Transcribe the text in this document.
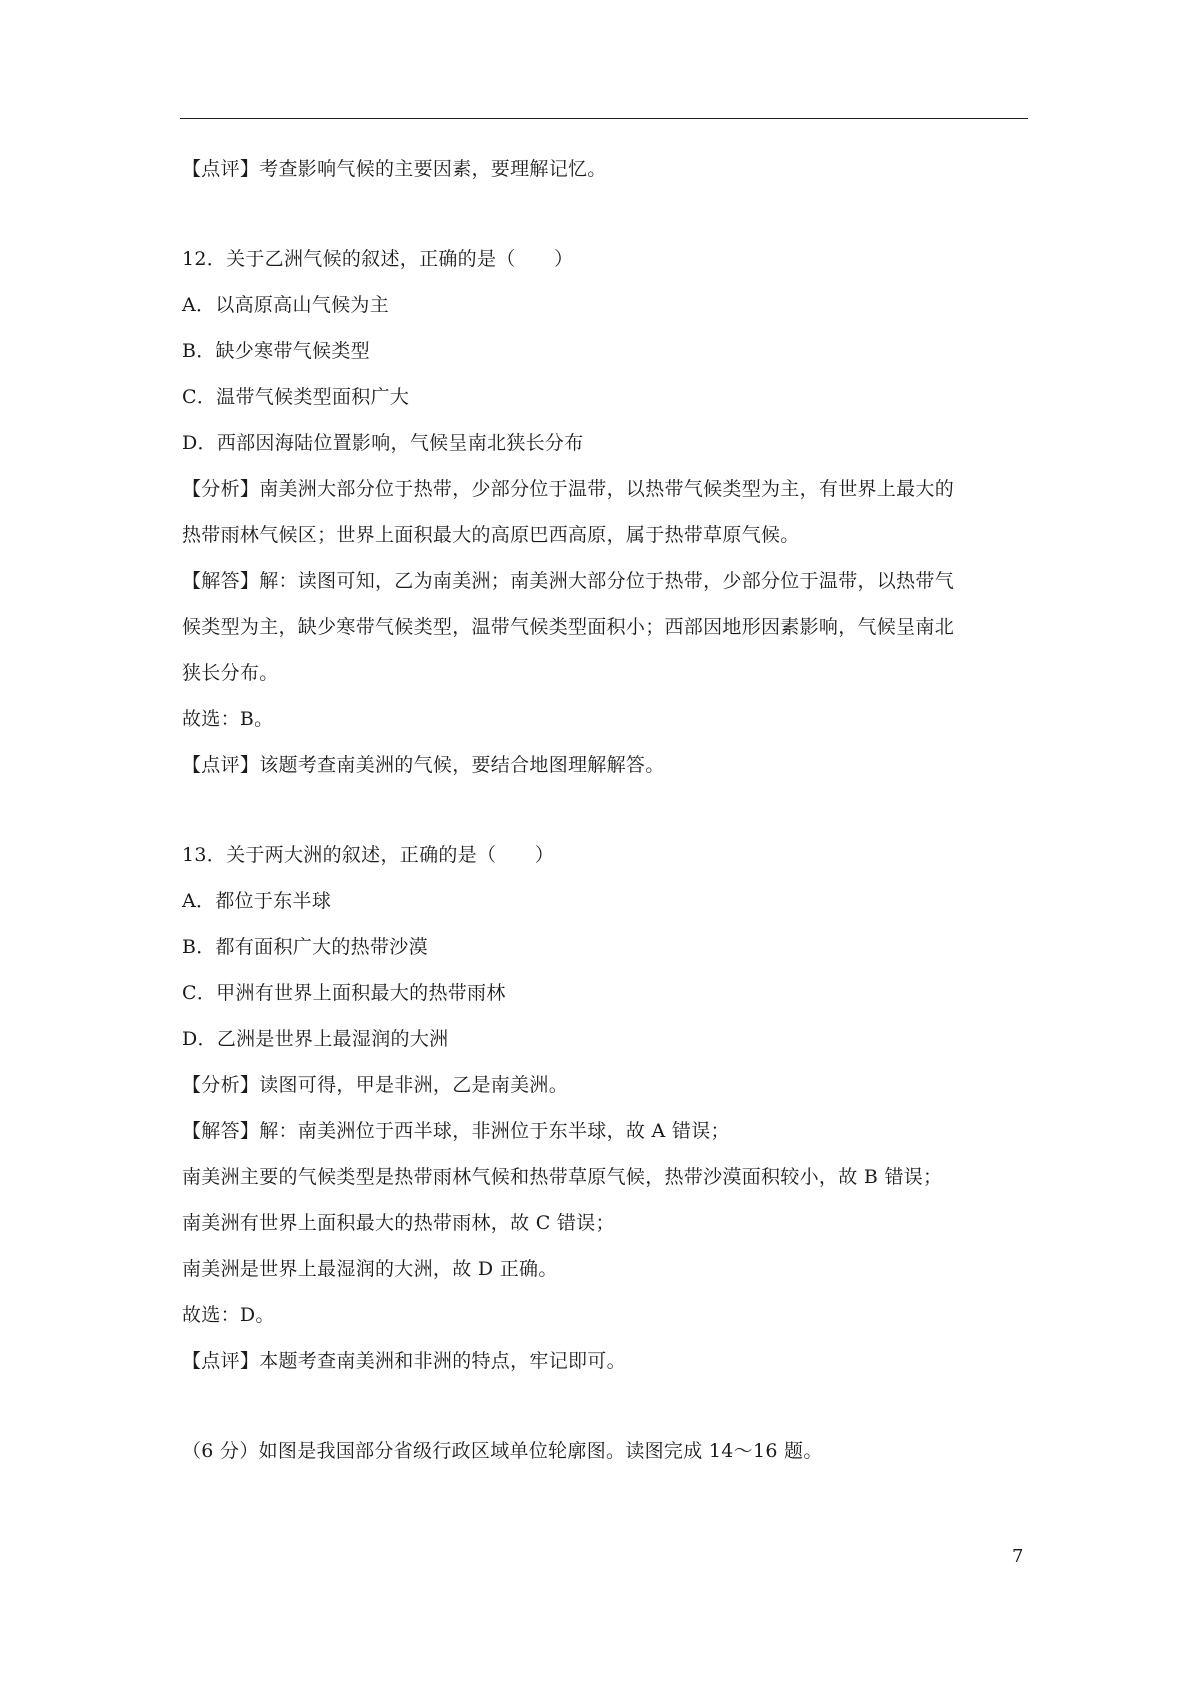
【点评】考查影响气候的主要因素，要理解记忆。
12．关于乙洲气候的叙述，正确的是（　　）
A．以高原高山气候为主
B．缺少寒带气候类型
C．温带气候类型面积广大
D．西部因海陆位置影响，气候呈南北狭长分布
【分析】南美洲大部分位于热带，少部分位于温带，以热带气候类型为主，有世界上最大的
热带雨林气候区；世界上面积最大的高原巴西高原，属于热带草原气候。
【解答】解：读图可知，乙为南美洲；南美洲大部分位于热带，少部分位于温带，以热带气
候类型为主，缺少寒带气候类型，温带气候类型面积小；西部因地形因素影响，气候呈南北
狭长分布。
故选：B。
【点评】该题考查南美洲的气候，要结合地图理解解答。
13．关于两大洲的叙述，正确的是（　　）
A．都位于东半球
B．都有面积广大的热带沙漠
C．甲洲有世界上面积最大的热带雨林
D．乙洲是世界上最湿润的大洲
【分析】读图可得，甲是非洲，乙是南美洲。
【解答】解：南美洲位于西半球，非洲位于东半球，故 A 错误；
南美洲主要的气候类型是热带雨林气候和热带草原气候，热带沙漠面积较小，故 B 错误；
南美洲有世界上面积最大的热带雨林，故 C 错误；
南美洲是世界上最湿润的大洲，故 D 正确。
故选：D。
【点评】本题考查南美洲和非洲的特点，牢记即可。
（6 分）如图是我国部分省级行政区域单位轮廓图。读图完成 14～16 题。
7
